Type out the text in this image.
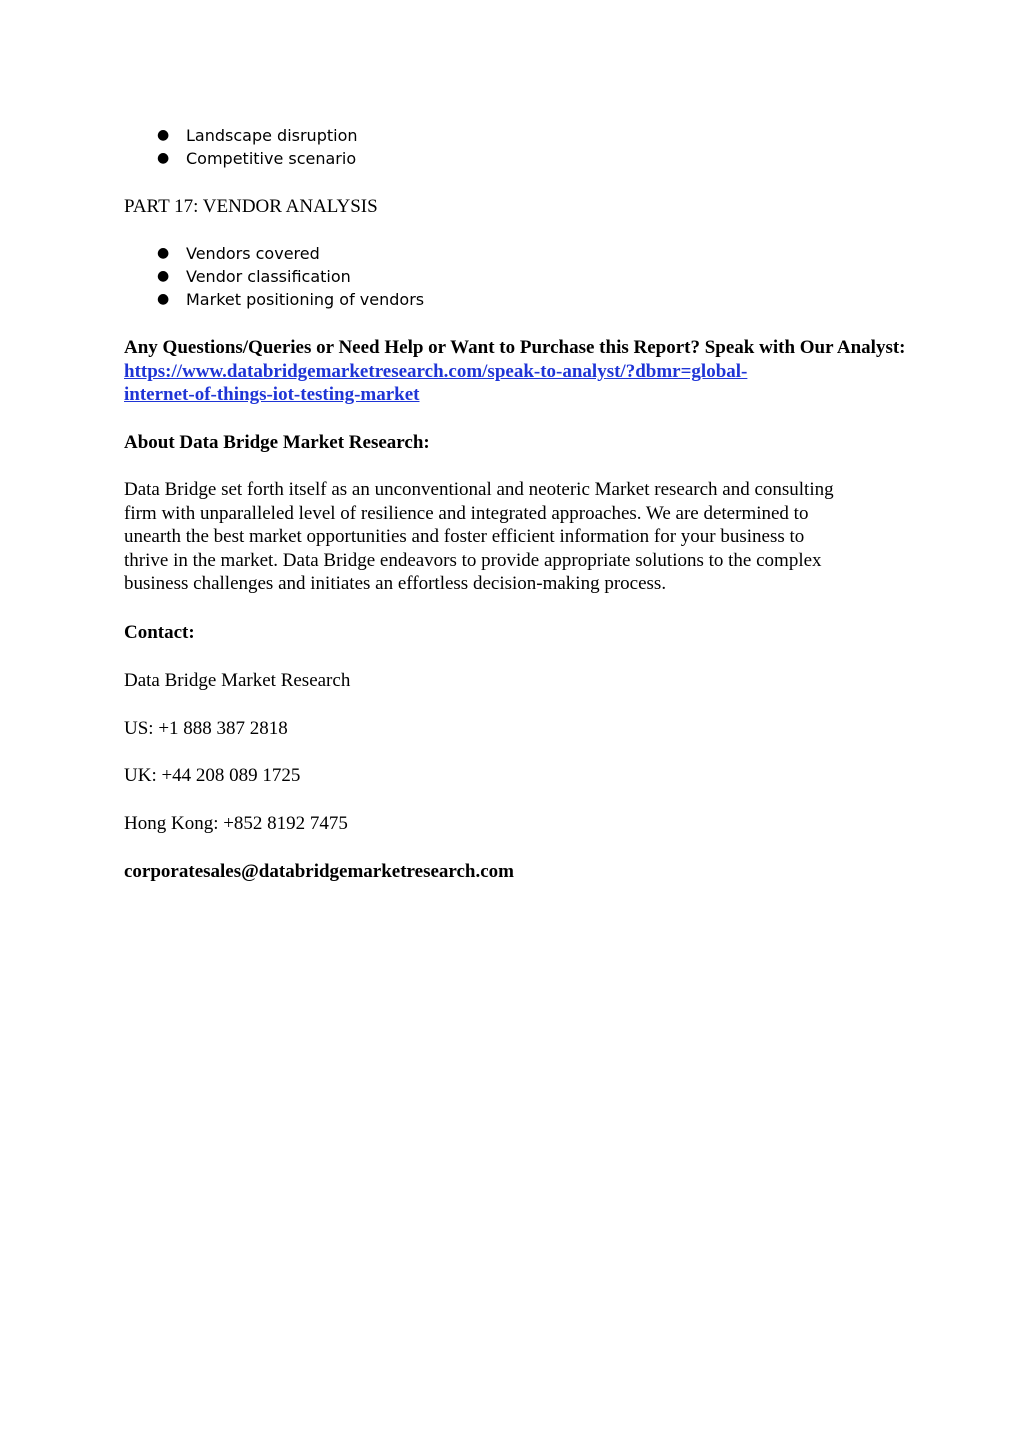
● Landscape disruption
● Competitive scenario

PART 17: VENDOR ANALYSIS

● Vendors covered
● Vendor classification
● Market positioning of vendors

Any Questions/Queries or Need Help or Want to Purchase this Report? Speak with Our Analyst: https://www.databridgemarketresearch.com/speak-to-analyst/?dbmr=global-
internet-of-things-iot-testing-market

About Data Bridge Market Research:

Data Bridge set forth itself as an unconventional and neoteric Market research and consulting
firm with unparalleled level of resilience and integrated approaches. We are determined to
unearth the best market opportunities and foster efficient information for your business to
thrive in the market. Data Bridge endeavors to provide appropriate solutions to the complex
business challenges and initiates an effortless decision-making process.

Contact:

Data Bridge Market Research

US: +1 888 387 2818

UK: +44 208 089 1725

Hong Kong: +852 8192 7475

corporatesales@databridgemarketresearch.com
